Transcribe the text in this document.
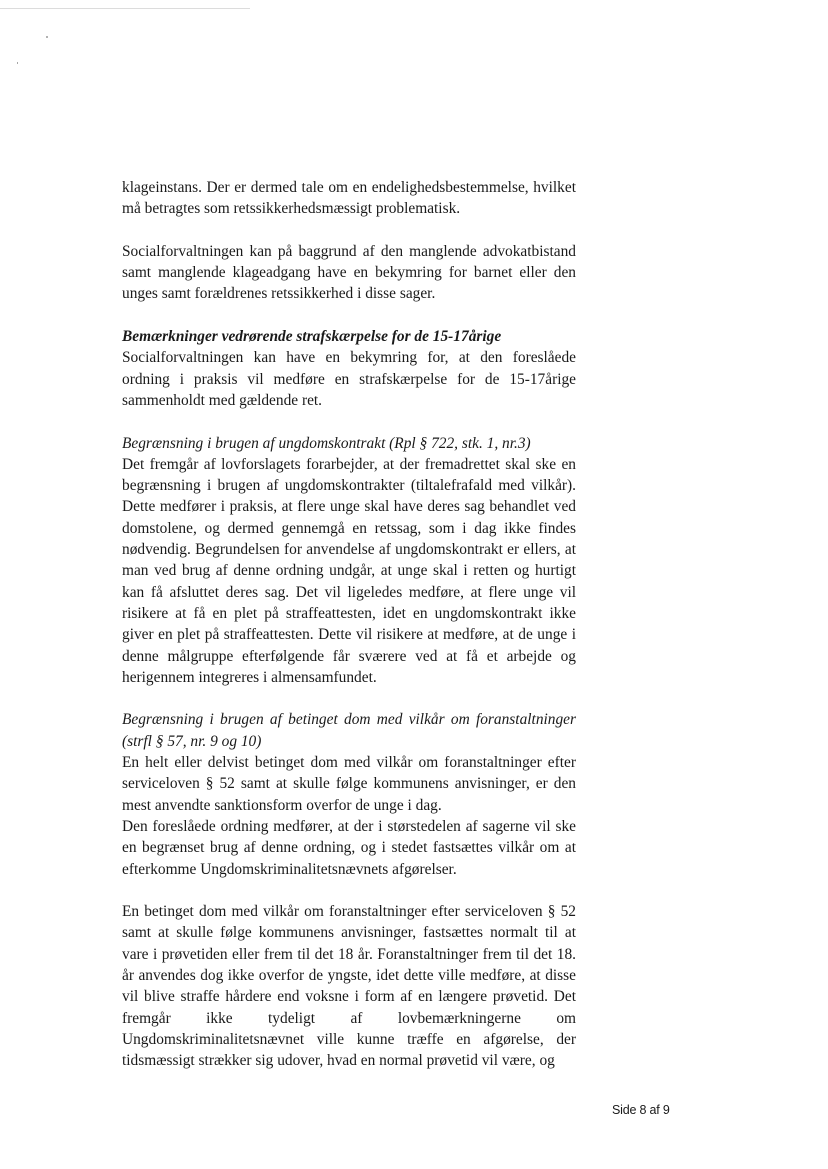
klageinstans. Der er dermed tale om en endelighedsbestemmelse, hvilket må betragtes som retssikkerhedsmæssigt problematisk.

Socialforvaltningen kan på baggrund af den manglende advokatbistand samt manglende klageadgang have en bekymring for barnet eller den unges samt forældrenes retssikkerhed i disse sager.

Bemærkninger vedrørende strafskærpelse for de 15-17årige

Socialforvaltningen kan have en bekymring for, at den foreslåede ordning i praksis vil medføre en strafskærpelse for de 15-17årige sammenholdt med gældende ret.

Begrænsning i brugen af ungdomskontrakt (Rpl § 722, stk. 1, nr.3)

Det fremgår af lovforslagets forarbejder, at der fremadrettet skal ske en begrænsning i brugen af ungdomskontrakter (tiltalefrafald med vilkår). Dette medfører i praksis, at flere unge skal have deres sag behandlet ved domstolene, og dermed gennemgå en retssag, som i dag ikke findes nødvendig. Begrundelsen for anvendelse af ungdomskontrakt er ellers, at man ved brug af denne ordning undgår, at unge skal i retten og hurtigt kan få afsluttet deres sag. Det vil ligeledes medføre, at flere unge vil risikere at få en plet på straffeattesten, idet en ungdomskontrakt ikke giver en plet på straffeattesten. Dette vil risikere at medføre, at de unge i denne målgruppe efterfølgende får sværere ved at få et arbejde og herigennem integreres i almensamfundet.

Begrænsning i brugen af betinget dom med vilkår om foranstaltninger (strfl § 57, nr. 9 og 10)

En helt eller delvist betinget dom med vilkår om foranstaltninger efter serviceloven § 52 samt at skulle følge kommunens anvisninger, er den mest anvendte sanktionsform overfor de unge i dag.

Den foreslåede ordning medfører, at der i størstedelen af sagerne vil ske en begrænset brug af denne ordning, og i stedet fastsættes vilkår om at efterkomme Ungdomskriminalitetsnævnets afgørelser.

En betinget dom med vilkår om foranstaltninger efter serviceloven § 52 samt at skulle følge kommunens anvisninger, fastsættes normalt til at vare i prøvetiden eller frem til det 18 år. Foranstaltninger frem til det 18. år anvendes dog ikke overfor de yngste, idet dette ville medføre, at disse vil blive straffe hårdere end voksne i form af en længere prøvetid. Det fremgår ikke tydeligt af lovbemærkningerne om Ungdomskriminalitetsnævnet ville kunne træffe en afgørelse, der tidsmæssigt strækker sig udover, hvad en normal prøvetid vil være, og

Side 8 af 9
